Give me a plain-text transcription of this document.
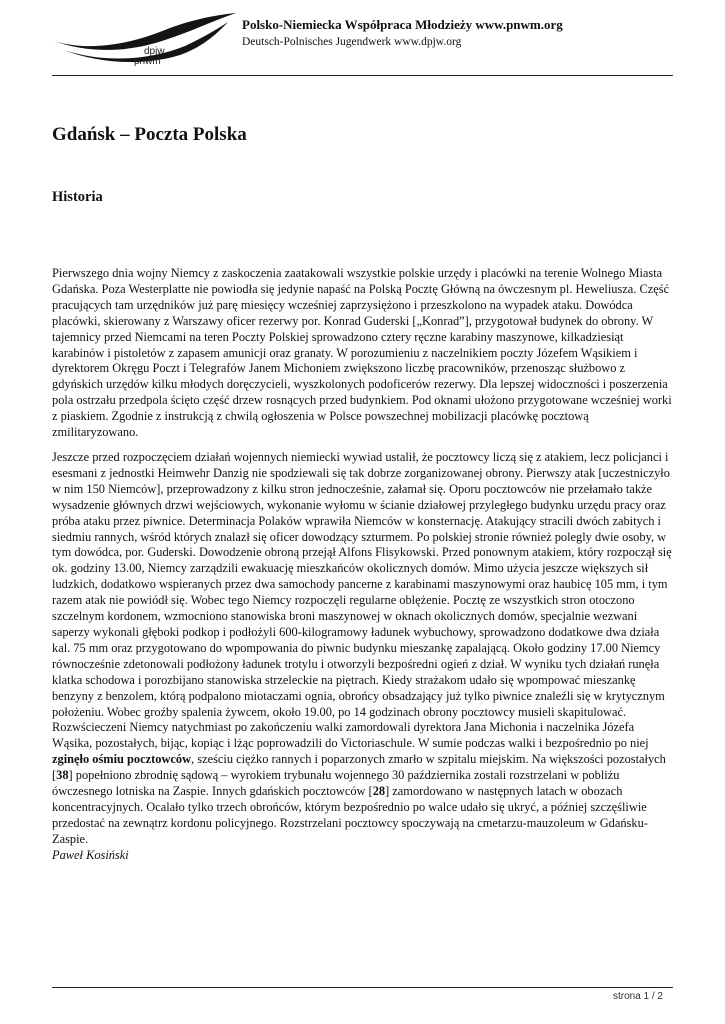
dpjw
pnwm
Polsko-Niemiecka Współpraca Młodzieży www.pnwm.org
Deutsch-Polnisches Jugendwerk www.dpjw.org
Gdańsk – Poczta Polska
Historia

Pierwszego dnia wojny Niemcy z zaskoczenia zaatakowali wszystkie polskie urzędy i placówki na terenie Wolnego Miasta Gdańska. Poza Westerplatte nie powiodła się jedynie napaść na Polską Pocztę Główną na ówczesnym pl. Heweliusza. Część pracujących tam urzędników już parę miesięcy wcześniej zaprzysiężono i przeszkolono na wypadek ataku. Dowódca placówki, skierowany z Warszawy oficer rezerwy por. Konrad Guderski [„Konrad”], przygotował budynek do obrony. W tajemnicy przed Niemcami na teren Poczty Polskiej sprowadzono cztery ręczne karabiny maszynowe, kilkadziesiąt karabinów i pistoletów z zapasem amunicji oraz granaty. W porozumieniu z naczelnikiem poczty Józefem Wąsikiem i dyrektorem Okręgu Poczt i Telegrafów Janem Michoniem zwiększono liczbę pracowników, przenosząc służbowo z gdyńskich urzędów kilku młodych doręczycieli, wyszkolonych podoficerów rezerwy. Dla lepszej widoczności i poszerzenia pola ostrzału przedpola ścięto część drzew rosnących przed budynkiem. Pod oknami ułożono przygotowane wcześniej worki z piaskiem. Zgodnie z instrukcją z chwilą ogłoszenia w Polsce powszechnej mobilizacji placówkę pocztową zmilitaryzowano.

Jeszcze przed rozpoczęciem działań wojennych niemiecki wywiad ustalił, że pocztowcy liczą się z atakiem, lecz policjanci i esesmani z jednostki Heimwehr Danzig nie spodziewali się tak dobrze zorganizowanej obrony. Pierwszy atak [uczestniczyło w nim 150 Niemców], przeprowadzony z kilku stron jednocześnie, załamał się. Oporu pocztowców nie przełamało także wysadzenie głównych drzwi wejściowych, wykonanie wyłomu w ścianie działowej przyległego budynku urzędu pracy oraz próba ataku przez piwnice. Determinacja Polaków wprawiła Niemców w konsternację. Atakujący stracili dwóch zabitych i siedmiu rannych, wśród których znalazł się oficer dowodzący szturmem. Po polskiej stronie również polegly dwie osoby, w tym dowódca, por. Guderski. Dowodzenie obroną przejął Alfons Flisykowski. Przed ponownym atakiem, który rozpoczął się ok. godziny 13.00, Niemcy zarządzili ewakuację mieszkańców okolicznych domów. Mimo użycia jeszcze większych sił ludzkich, dodatkowo wspieranych przez dwa samochody pancerne z karabinami maszynowymi oraz haubicę 105 mm, i tym razem atak nie powiódł się. Wobec tego Niemcy rozpoczęli regularne oblężenie. Pocztę ze wszystkich stron otoczono szczelnym kordonem, wzmocniono stanowiska broni maszynowej w oknach okolicznych domów, specjalnie wezwani saperzy wykonali głęboki podkop i podłożyli 600-kilogramowy ładunek wybuchowy, sprowadzono dodatkowe dwa działa kal. 75 mm oraz przygotowano do wpompowania do piwnic budynku mieszankę zapalającą. Około godziny 17.00 Niemcy równocześnie zdetonowali podłożony ładunek trotylu i otworzyli bezpośredni ogień z dział. W wyniku tych działań runęła klatka schodowa i porozbijano stanowiska strzeleckie na piętrach. Kiedy strażakom udało się wpompować mieszankę benzyny z benzolem, którą podpalono miotaczami ognia, obrońcy obsadzający już tylko piwnice znaleźli się w krytycznym położeniu. Wobec groźby spalenia żywcem, około 19.00, po 14 godzinach obrony pocztowcy musieli skapitulować. Rozwścieczeni Niemcy natychmiast po zakończeniu walki zamordowali dyrektora Jana Michonia i naczelnika Józefa Wąsika, pozostałych, bijąc, kopiąc i lżąc poprowadzili do Victoriaschule. W sumie podczas walki i bezpośrednio po niej zginęło ośmiu pocztowców, sześciu ciężko rannych i poparzonych zmarło w szpitalu miejskim. Na większości pozostałych [38] popełniono zbrodnię sądową – wyrokiem trybunału wojennego 30 października zostali rozstrzelani w pobliżu ówczesnego lotniska na Zaspie. Innych gdańskich pocztowców [28] zamordowano w następnych latach w obozach koncentracyjnych. Ocalało tylko trzech obrońców, którym bezpośrednio po walce udało się ukryć, a później szczęśliwie przedostać na zewnątrz kordonu policyjnego. Rozstrzelani pocztowcy spoczywają na cmetarzu-mauzoleum w Gdańsku-Zaspie.

Paweł Kosiński

strona 1 / 2
